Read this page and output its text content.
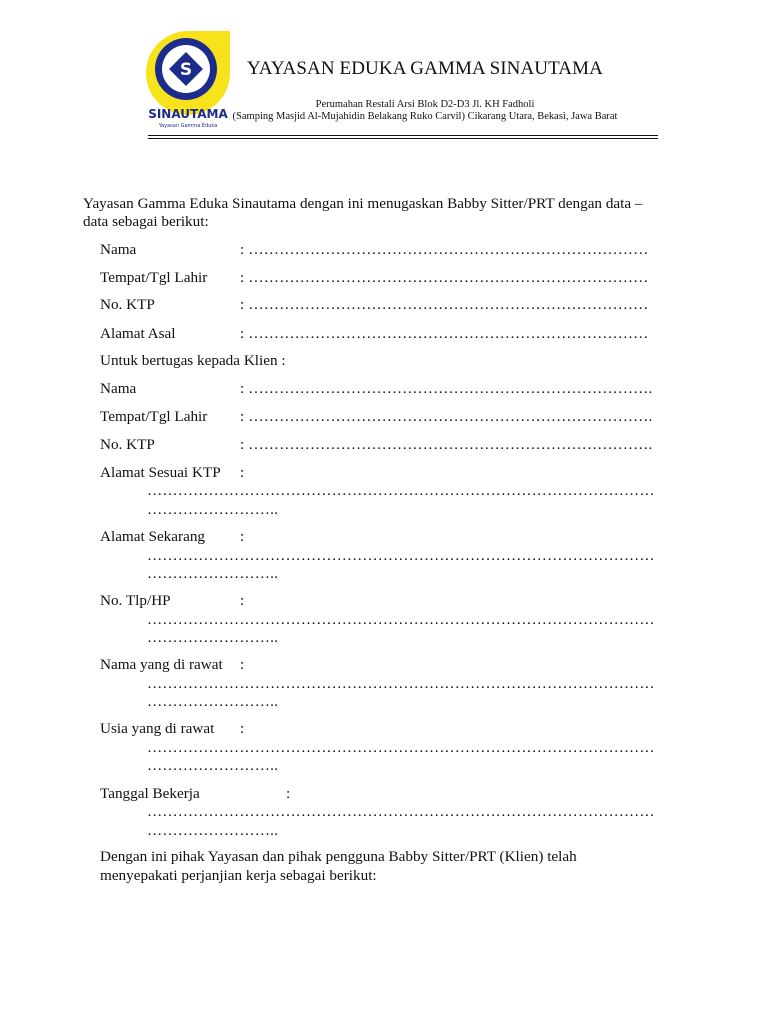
YAYASAN EDUKA GAMMA SINAUTAMA
Perumahan Restali Arsi Blok D2-D3 Jl. KH Fadholi
(Samping Masjid Al-Mujahidin Belakang Ruko Carvil) Cikarang Utara, Bekasi, Jawa Barat
S
SINAUTAMA
Yayasan Gamma Eduka
Yayasan Gamma Eduka Sinautama dengan ini menugaskan Babby Sitter/PRT dengan data –
data sebagai berikut:
Nama	: ……………………………………………………………………
Tempat/Tgl Lahir : ……………………………………………………………………
No. KTP	: ……………………………………………………………………
Alamat Asal	: ……………………………………………………………………
Untuk bertugas kepada Klien :
Nama	: …………………………………………………………………….
Tempat/Tgl Lahir : …………………………………………………………………….
No. KTP	: …………………………………………………………………….
Alamat Sesuai KTP :
………………………………………………………………………………………
……………………..
Alamat Sekarang :
………………………………………………………………………………………
……………………..
No. Tlp/HP	:
………………………………………………………………………………………
……………………..
Nama yang di rawat :
………………………………………………………………………………………
……………………..
Usia yang di rawat :
………………………………………………………………………………………
……………………..
Tanggal Bekerja	:
………………………………………………………………………………………
……………………..
Dengan ini pihak Yayasan dan pihak pengguna Babby Sitter/PRT (Klien) telah
menyepakati perjanjian kerja sebagai berikut:
